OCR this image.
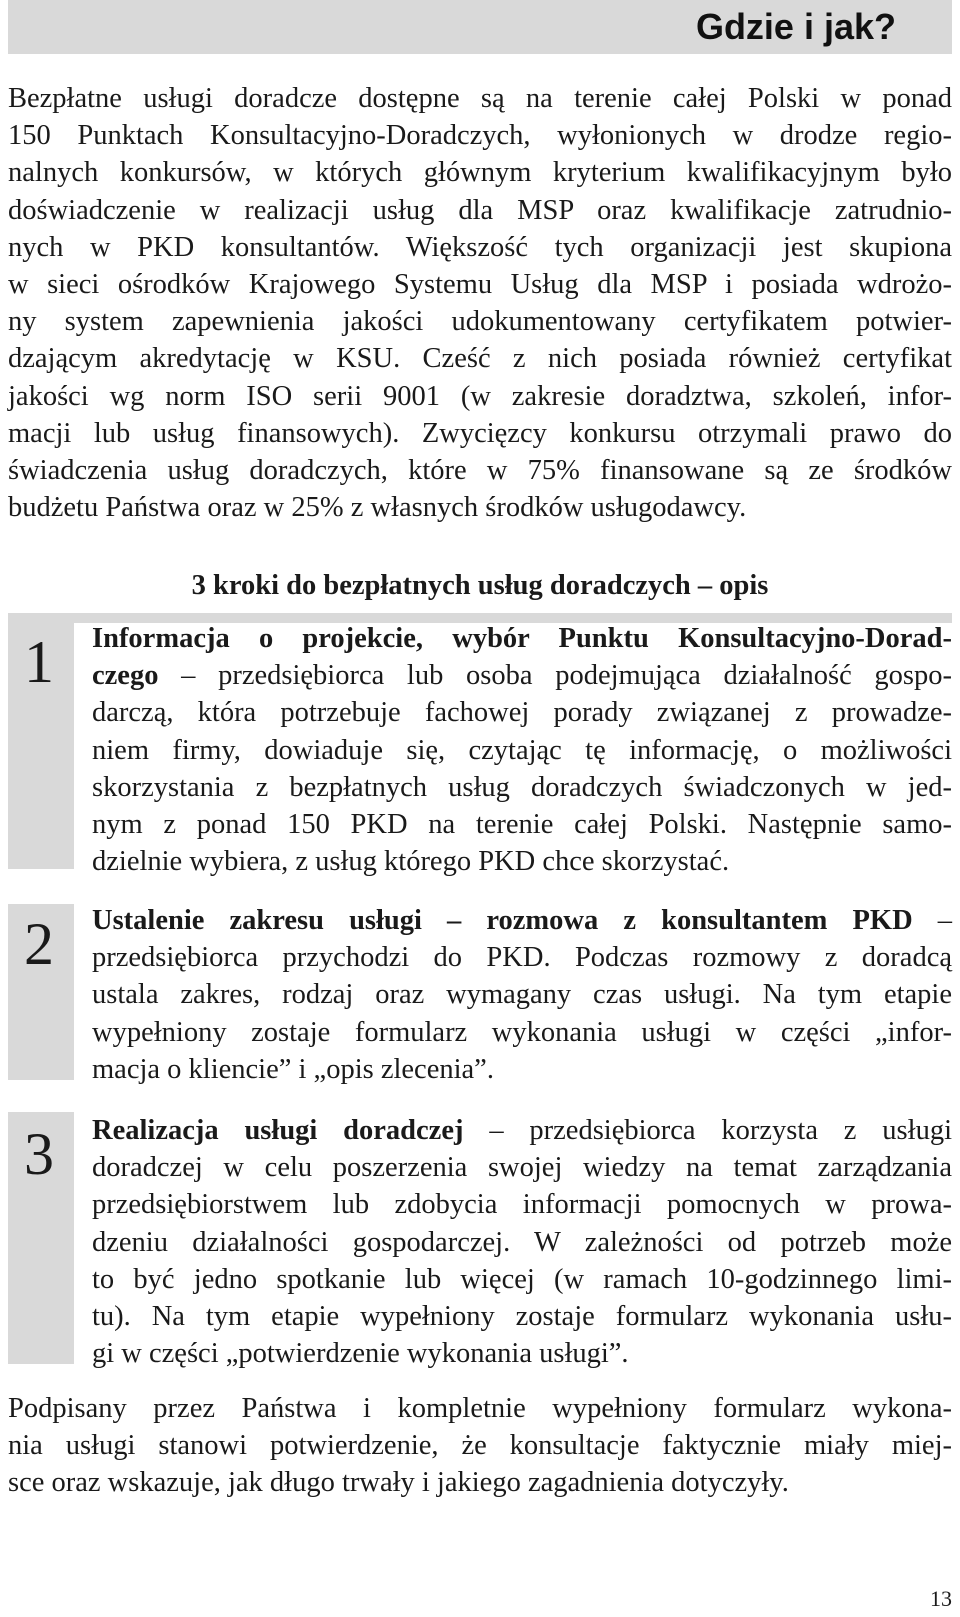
Gdzie i jak?
Bezpłatne usługi doradcze dostępne są na terenie całej Polski w ponad
150 Punktach Konsultacyjno-Doradczych, wyłonionych w drodze regio-
nalnych konkursów, w których głównym kryterium kwalifikacyjnym było
doświadczenie w realizacji usług dla MSP oraz kwalifikacje zatrudnio-
nych w PKD konsultantów. Większość tych organizacji jest skupiona
w sieci ośrodków Krajowego Systemu Usług dla MSP i posiada wdrożo-
ny system zapewnienia jakości udokumentowany certyfikatem potwier-
dzającym akredytację w KSU. Cześć z nich posiada również certyfikat
jakości wg norm ISO serii 9001 (w zakresie doradztwa, szkoleń, infor-
macji lub usług finansowych). Zwycięzcy konkursu otrzymali prawo do
świadczenia usług doradczych, które w 75% finansowane są ze środków
budżetu Państwa oraz w 25% z własnych środków usługodawcy.
3 kroki do bezpłatnych usług doradczych – opis
1 Informacja o projekcie, wybór Punktu Konsultacyjno-Dorad-
czego – przedsiębiorca lub osoba podejmująca działalność gospo-
darczą, która potrzebuje fachowej porady związanej z prowadze-
niem firmy, dowiaduje się, czytając tę informację, o możliwości
skorzystania z bezpłatnych usług doradczych świadczonych w jed-
nym z ponad 150 PKD na terenie całej Polski. Następnie samo-
dzielnie wybiera, z usług którego PKD chce skorzystać.
2 Ustalenie zakresu usługi – rozmowa z konsultantem PKD –
przedsiębiorca przychodzi do PKD. Podczas rozmowy z doradcą
ustala zakres, rodzaj oraz wymagany czas usługi. Na tym etapie
wypełniony zostaje formularz wykonania usługi w części „infor-
macja o kliencie” i „opis zlecenia”.
3 Realizacja usługi doradczej – przedsiębiorca korzysta z usługi
doradczej w celu poszerzenia swojej wiedzy na temat zarządzania
przedsiębiorstwem lub zdobycia informacji pomocnych w prowa-
dzeniu działalności gospodarczej. W zależności od potrzeb może
to być jedno spotkanie lub więcej (w ramach 10-godzinnego limi-
tu). Na tym etapie wypełniony zostaje formularz wykonania usłu-
gi w części „potwierdzenie wykonania usługi”.
Podpisany przez Państwa i kompletnie wypełniony formularz wykona-
nia usługi stanowi potwierdzenie, że konsultacje faktycznie miały miej-
sce oraz wskazuje, jak długo trwały i jakiego zagadnienia dotyczyły.
13
